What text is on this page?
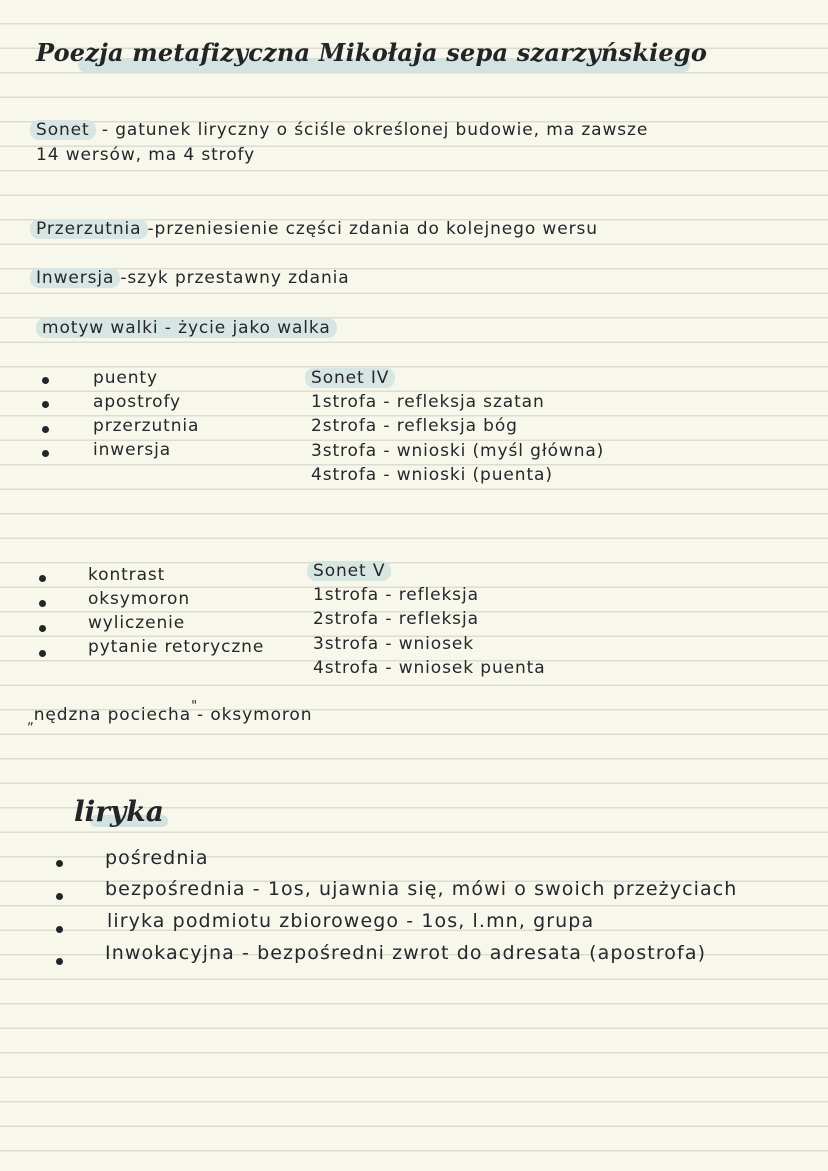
Poezja metafizyczna Mikołaja sepa szarzyńskiego
Sonet - gatunek liryczny o ściśle określonej budowie, ma zawsze
14 wersów, ma 4 strofy
Przerzutnia -przeniesienie części zdania do kolejnego wersu
Inwersja -szyk przestawny zdania
motyw walki - życie jako walka
puenty
apostrofy
przerzutnia
inwersja
Sonet IV
1strofa - refleksja szatan
2strofa - refleksja bóg
3strofa - wnioski (myśl główna)
4strofa - wnioski (puenta)
kontrast
oksymoron
wyliczenie
pytanie retoryczne
Sonet V
1strofa - refleksja
2strofa - refleksja
3strofa - wniosek
4strofa - wniosek puenta
$_„$nędzna pociecha"- oksymoron
liryka
pośrednia
bezpośrednia - 1os, ujawnia się, mówi o swoich przeżyciach
liryka podmiotu zbiorowego - 1os, l.mn, grupa
Inwokacyjna - bezpośredni zwrot do adresata (apostrofa)
